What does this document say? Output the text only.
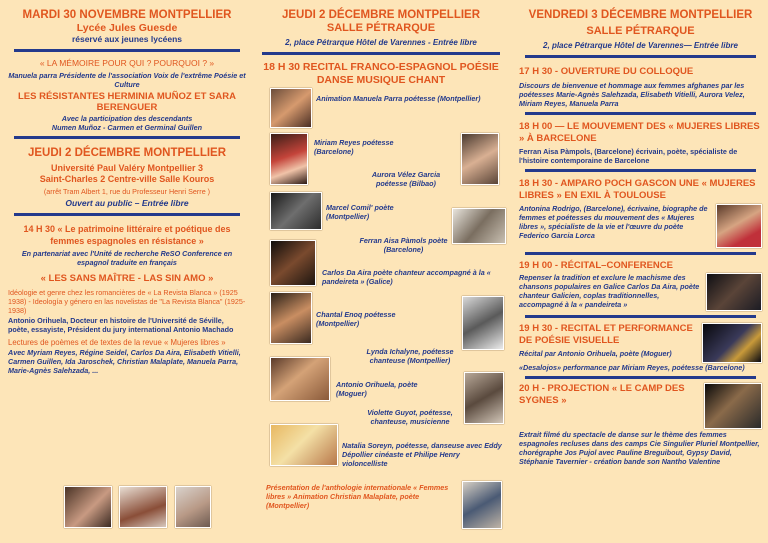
MARDI 30 NOVEMBRE MONTPELLIER

Lycée Jules Guesde

réservé aux jeunes lycéens

« LA MÉMOIRE POUR QUI ? POURQUOI ? »

Manuela parra Présidente de l'association Voix de l'extrême Poésie et Culture

LES RÉSISTANTES HERMINIA MUÑOZ ET SARA BERENGUER

Avec la participation des descendants

Numen Muñoz - Carmen et Germinal Guillen

JEUDI 2 DÉCEMBRE MONTPELLIER

Université Paul Valéry Montpellier 3

Saint-Charles 2 Centre-ville Salle Kouros

(arrêt Tram Albert 1, rue du Professeur Henri Serre )

Ouvert au public – Entrée libre

14 H 30 « Le patrimoine littéraire et poétique des femmes espagnoles en résistance »

En partenariat avec l'Unité de recherche ReSO Conference en espagnol traduite en français

« LES SANS MAÎTRE - LAS SIN AMO »

Idéologie et genre chez les romancières de « La Revista Blanca » (1925 1938) - Ideología y género en las novelistas de "La Revista Blanca" (1925-1938)

Antonio Orihuela, Docteur en histoire de l'Université de Séville, poète, essayiste, Président du jury international Antonio Machado

Lectures de poèmes et de textes de la revue « Mujeres libres »

Avec Myriam Reyes, Régine Seidel, Carlos Da Aira, Elisabeth Vitielli, Carmen Guillen, Ida Jaroschek, Christian Malaplate, Manuela Parra, Marie-Agnès Salehzada, ...

JEUDI 2 DÉCEMBRE MONTPELLIER

SALLE PÉTRARQUE

2, place Pétrarque Hôtel de Varennes - Entrée libre

18 H 30 RECITAL FRANCO-ESPAGNOL POÉSIE DANSE MUSIQUE CHANT

Animation Manuela Parra poétesse (Montpellier)

Miriam Reyes poétesse (Barcelone)

Aurora Vélez Garcia poétesse (Bilbao)

Marcel Comil' poète (Montpellier)

Ferran Aisa Pàmols poète (Barcelone)

Carlos Da Aira poète chanteur accompagné à la « pandeireta » (Galice)

Chantal Enoq poétesse (Montpellier)

Lynda Ichalyne, poétesse chanteuse (Montpellier)

Antonio Orihuela, poète (Moguer)

Violette Guyot, poétesse, chanteuse, musicienne

Natalia Soreyn, poétesse, danseuse avec Eddy Dépollier cinéaste et Philipe Henry violoncelliste

Présentation de l'anthologie internationale « Femmes libres » Animation Christian Malaplate, poète (Montpellier)

VENDREDI 3 DÉCEMBRE MONTPELLIER

SALLE PÉTRARQUE

2, place Pétrarque Hôtel de Varennes— Entrée libre

17 H 30 - OUVERTURE DU COLLOQUE

Discours de bienvenue et hommage aux femmes afghanes par les poétesses Marie-Agnès Salehzada, Elisabeth Vitielli, Aurora Velez, Miriam Reyes, Manuela Parra

18 H 00 — LE MOUVEMENT DES « MUJERES LIBRES » À BARCELONE

Ferran Aisa Pàmpols, (Barcelone) écrivain, poète, spécialiste de l'histoire contemporaine de Barcelone

18 H 30 - AMPARO POCH GASCON UNE « MUJERES LIBRES » EN EXIL À TOULOUSE

Antonina Rodrigo, (Barcelone), écrivaine, biographe de femmes et poétesses du mouvement des « Mujeres libres », spécialiste de la vie et l'œuvre du poète Federico Garcia Lorca

19 H 00 - RÉCITAL–CONFERENCE

Repenser la tradition et exclure le machisme des chansons populaires en Galice Carlos Da Aira, poète chanteur Galicien, coplas traditionnelles, accompagné à la « pandeireta »

19 H 30 - RECITAL ET PERFORMANCE DE POÉSIE VISUELLE

Récital par Antonio Orihuela, poète (Moguer)

«Desalojos» performance par Miriam Reyes, poétesse (Barcelone)

20 H - PROJECTION « LE CAMP DES SYGNES »

Extrait filmé du spectacle de danse sur le thème des femmes espagnoles recluses dans des camps Cie Singulier Pluriel Montpellier, chorégraphe Jos Pujol avec Pauline Breguibout, Gypsy David, Stéphanie Tavernier - création bande son Nantho Valentine
